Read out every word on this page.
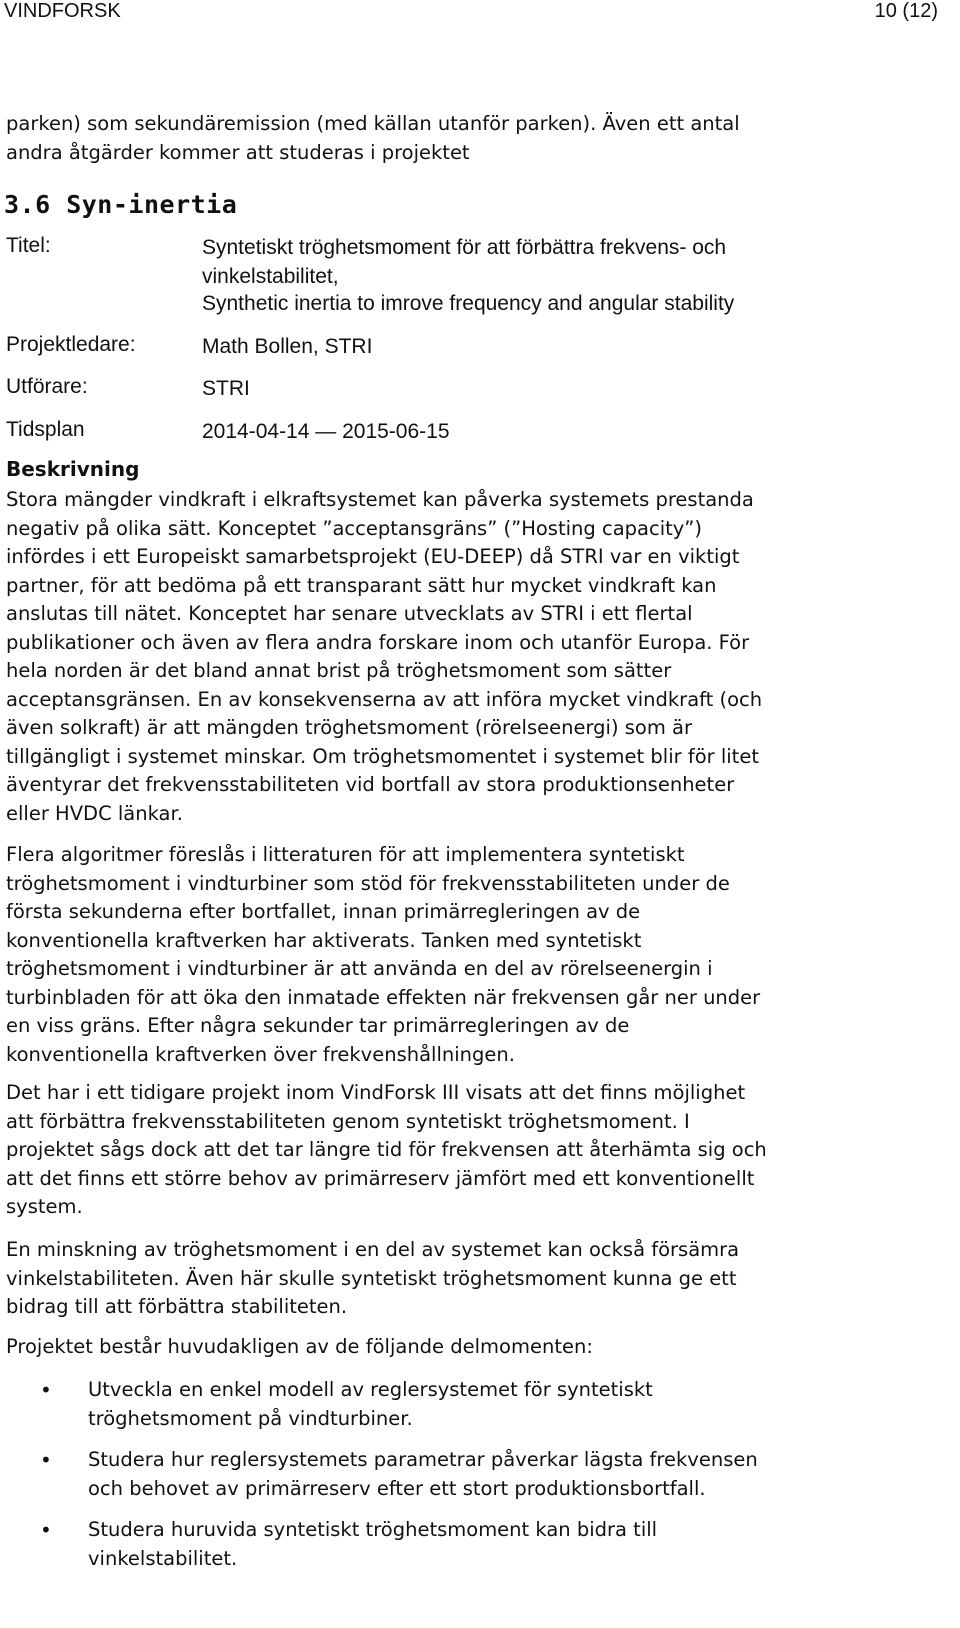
VINDFORSK	10 (12)
parken) som sekundäremission (med källan utanför parken). Även ett antal
andra åtgärder kommer att studeras i projektet
3.6 Syn-inertia
Titel:	Syntetiskt tröghetsmoment för att förbättra frekvens- och
vinkelstabilitet,
Synthetic inertia to imrove frequency and angular stability
Projektledare:	Math Bollen, STRI
Utförare:	STRI
Tidsplan	2014-04-14 — 2015-06-15
Beskrivning
Stora mängder vindkraft i elkraftsystemet kan påverka systemets prestanda
negativ på olika sätt. Konceptet ”acceptansgräns” (”Hosting capacity”)
infördes i ett Europeiskt samarbetsprojekt (EU-DEEP) då STRI var en viktigt
partner, för att bedöma på ett transparant sätt hur mycket vindkraft kan
anslutas till nätet. Konceptet har senare utvecklats av STRI i ett flertal
publikationer och även av flera andra forskare inom och utanför Europa. För
hela norden är det bland annat brist på tröghetsmoment som sätter
acceptansgränsen. En av konsekvenserna av att införa mycket vindkraft (och
även solkraft) är att mängden tröghetsmoment (rörelseenergi) som är
tillgängligt i systemet minskar. Om tröghetsmomentet i systemet blir för litet
äventyrar det frekvensstabiliteten vid bortfall av stora produktionsenheter
eller HVDC länkar.
Flera algoritmer föreslås i litteraturen för att implementera syntetiskt
tröghetsmoment i vindturbiner som stöd för frekvensstabiliteten under de
första sekunderna efter bortfallet, innan primärregleringen av de
konventionella kraftverken har aktiverats. Tanken med syntetiskt
tröghetsmoment i vindturbiner är att använda en del av rörelseenergin i
turbinbladen för att öka den inmatade effekten när frekvensen går ner under
en viss gräns. Efter några sekunder tar primärregleringen av de
konventionella kraftverken över frekvenshållningen.
Det har i ett tidigare projekt inom VindForsk III visats att det finns möjlighet
att förbättra frekvensstabiliteten genom syntetiskt tröghetsmoment. I
projektet sågs dock att det tar längre tid för frekvensen att återhämta sig och
att det finns ett större behov av primärreserv jämfört med ett konventionellt
system.
En minskning av tröghetsmoment i en del av systemet kan också försämra
vinkelstabiliteten. Även här skulle syntetiskt tröghetsmoment kunna ge ett
bidrag till att förbättra stabiliteten.
Projektet består huvudakligen av de följande delmomenten:
• Utveckla en enkel modell av reglersystemet för syntetiskt
tröghetsmoment på vindturbiner.
• Studera hur reglersystemets parametrar påverkar lägsta frekvensen
och behovet av primärreserv efter ett stort produktionsbortfall.
• Studera huruvida syntetiskt tröghetsmoment kan bidra till
vinkelstabilitet.
